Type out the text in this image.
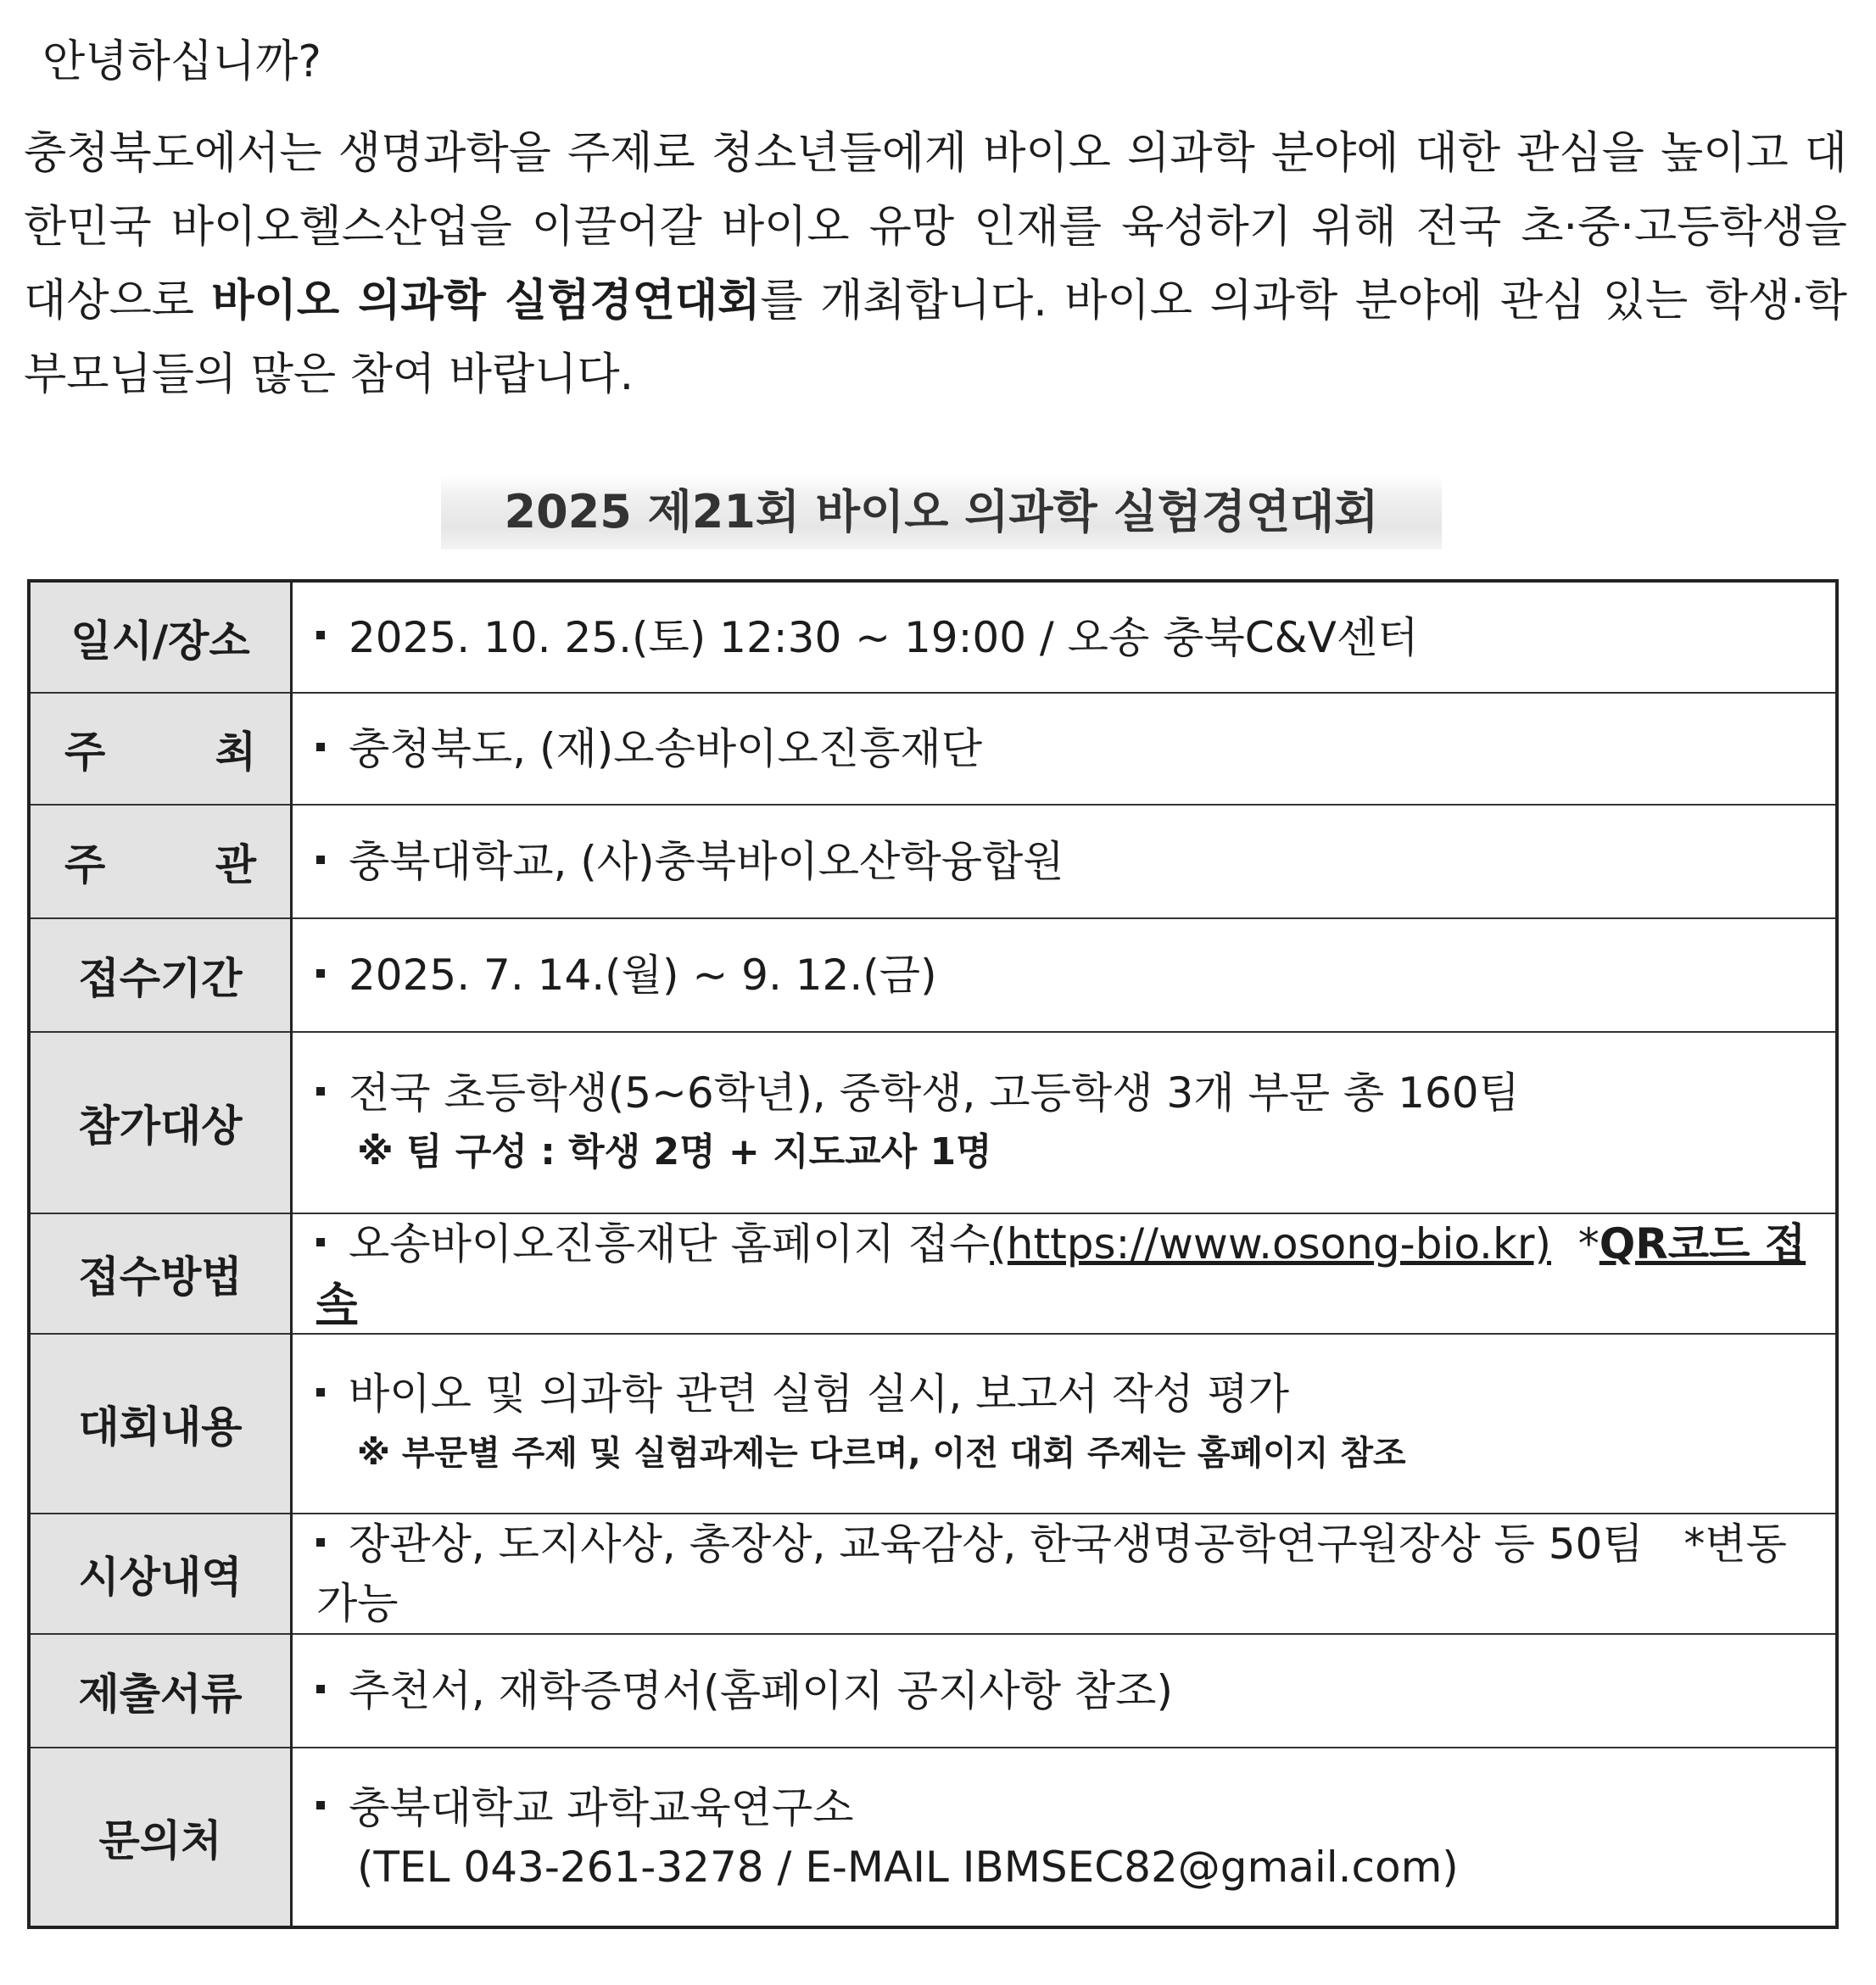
안녕하십니까?

충청북도에서는 생명과학을 주제로 청소년들에게 바이오 의과학 분야에 대한 관심을 높이고 대한민국 바이오헬스산업을 이끌어갈 바이오 유망 인재를 육성하기 위해 전국 초·중·고등학생을 대상으로 바이오 의과학 실험경연대회를 개최합니다. 바이오 의과학 분야에 관심 있는 학생·학부모님들의 많은 참여 바랍니다.

2025 제21회 바이오 의과학 실험경연대회
일시/장소	2025. 10. 25.(토) 12:30 ~ 19:00 / 오송 충북C&V센터
주 최	충청북도, (재)오송바이오진흥재단
주 관	충북대학교, (사)충북바이오산학융합원
접수기간	2025. 7. 14.(월) ~ 9. 12.(금)
참가대상	전국 초등학생(5~6학년), 중학생, 고등학생 3개 부문 총 160팀
※ 팀 구성 : 학생 2명 + 지도교사 1명

접수방법	오송바이오진흥재단 홈페이지 접수(https://www.osong-bio.kr) *QR코드 접속
대회내용	바이오 및 의과학 관련 실험 실시, 보고서 작성 평가
※ 부문별 주제 및 실험과제는 다르며, 이전 대회 주제는 홈페이지 참조

시상내역	장관상, 도지사상, 총장상, 교육감상, 한국생명공학연구원장상 등 50팀 *변동가능
제출서류	추천서, 재학증명서(홈페이지 공지사항 참조)
문의처	충북대학교 과학교육연구소
(TEL 043-261-3278 / E-MAIL IBMSEC82@gmail.com)
